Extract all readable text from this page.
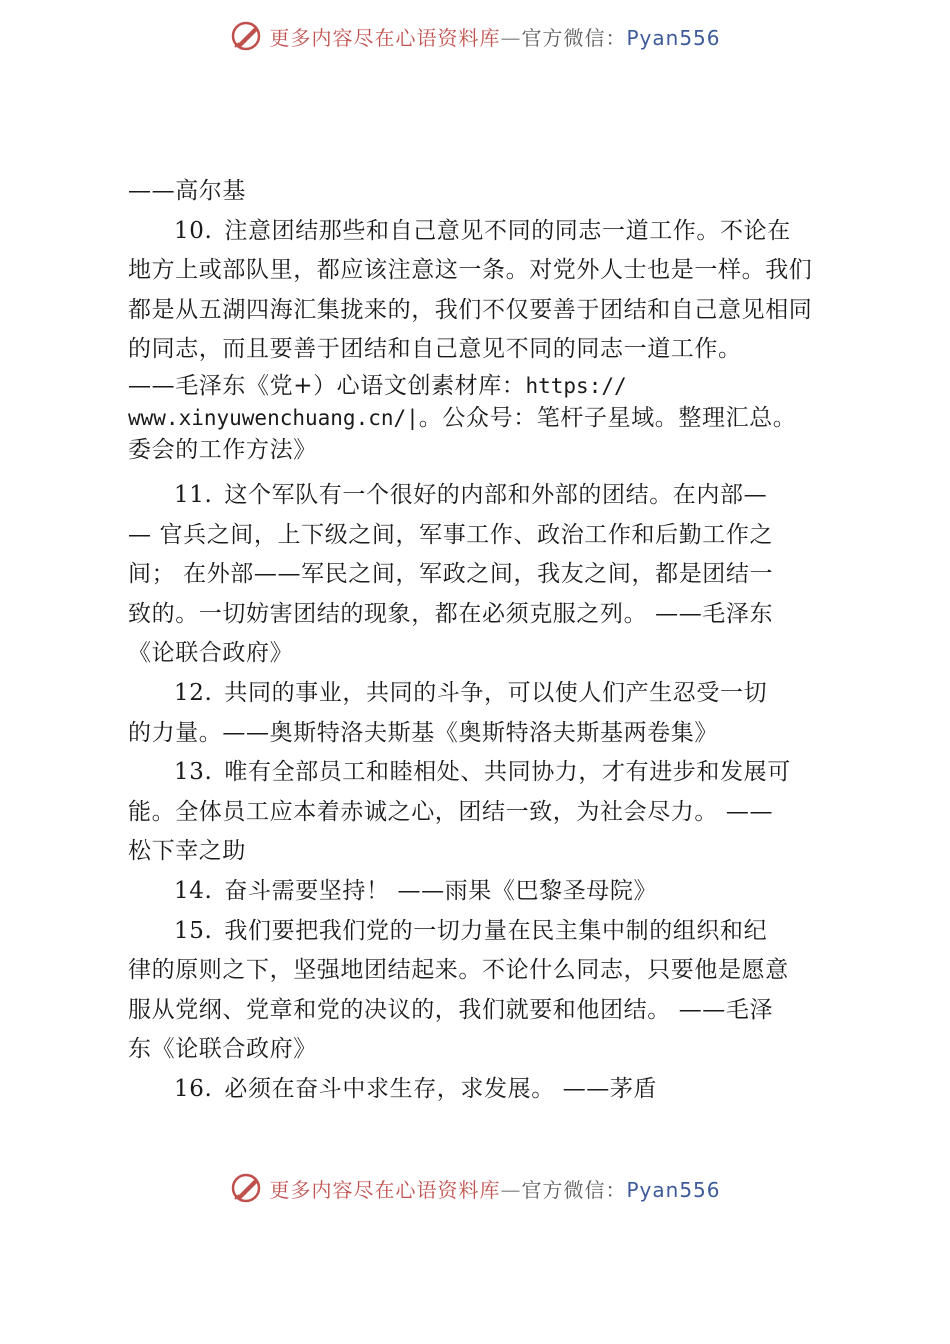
更多内容尽在心语资料库—官方微信：Pyan556
——高尔基
10. 注意团结那些和自己意见不同的同志一道工作。不论在
地方上或部队里，都应该注意这一条。对党外人士也是一样。我们
都是从五湖四海汇集拢来的，我们不仅要善于团结和自己意见相同
的同志，而且要善于团结和自己意见不同的同志一道工作。
——毛泽东《党+）心语文创素材库：https://
www.xinyuwenchuang.cn/|。公众号：笔杆子星域。整理汇总。
委会的工作方法》
11. 这个军队有一个很好的内部和外部的团结。在内部—
— 官兵之间，上下级之间，军事工作、政治工作和后勤工作之
间； 在外部——军民之间，军政之间，我友之间，都是团结一
致的。一切妨害团结的现象，都在必须克服之列。 ——毛泽东
《论联合政府》
12. 共同的事业，共同的斗争，可以使人们产生忍受一切
的力量。——奥斯特洛夫斯基《奥斯特洛夫斯基两卷集》
13. 唯有全部员工和睦相处、共同协力，才有进步和发展可
能。全体员工应本着赤诚之心，团结一致，为社会尽力。 ——
松下幸之助
14. 奋斗需要坚持！ ——雨果《巴黎圣母院》
15. 我们要把我们党的一切力量在民主集中制的组织和纪
律的原则之下，坚强地团结起来。不论什么同志，只要他是愿意
服从党纲、党章和党的决议的，我们就要和他团结。 ——毛泽
东《论联合政府》
16. 必须在奋斗中求生存，求发展。 ——茅盾
更多内容尽在心语资料库—官方微信：Pyan556
